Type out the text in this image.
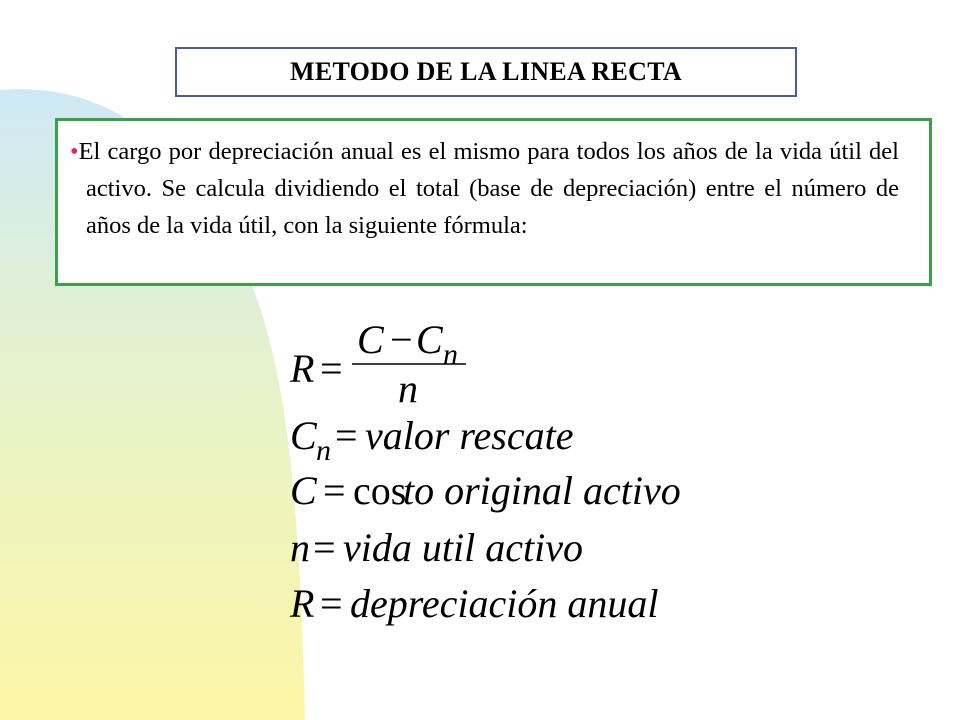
METODO DE LA LINEA RECTA

•El cargo por depreciación anual es el mismo para todos los años de la vida útil del activo. Se calcula dividiendo el total (base de depreciación) entre el número de años de la vida útil, con la siguiente fórmula:

R =
C − C n
n
C n = valor rescate
C = cos
to original activo
n = vida util activo
R = depreciación anual
